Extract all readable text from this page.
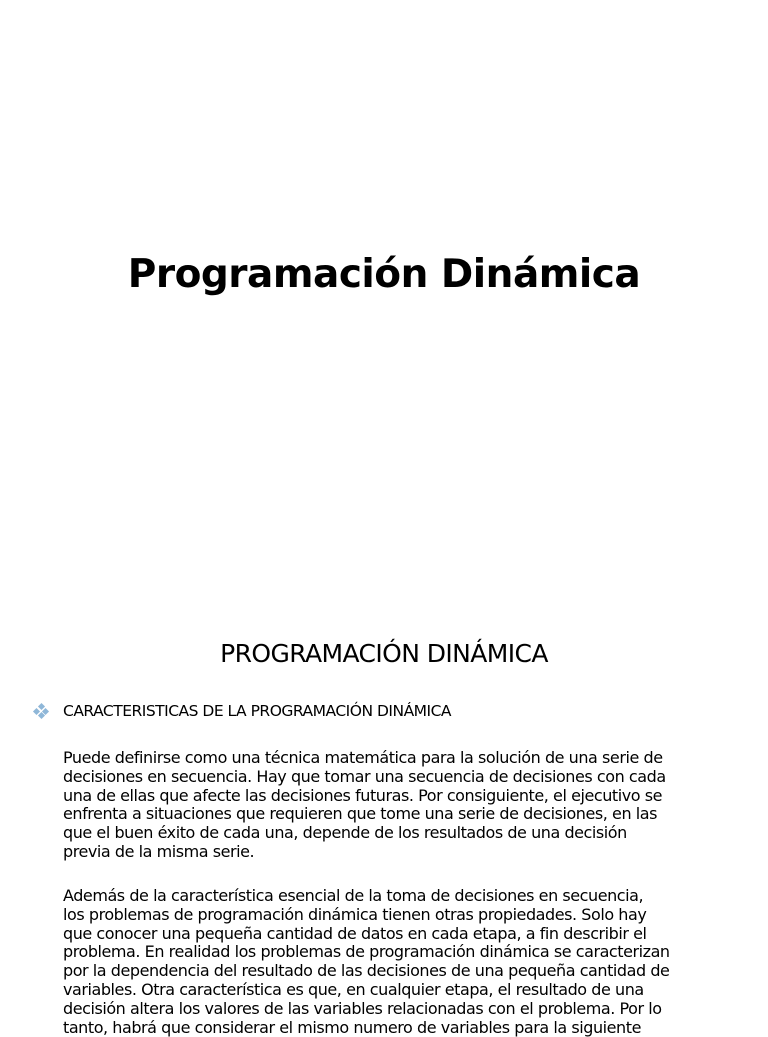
Programación Dinámica
PROGRAMACIÓN DINÁMICA
CARACTERISTICAS DE LA PROGRAMACIÓN DINÁMICA
Puede definirse como una técnica matemática para la solución de una serie de
decisiones en secuencia. Hay que tomar una secuencia de decisiones con cada
una de ellas que afecte las decisiones futuras. Por consiguiente, el ejecutivo se
enfrenta a situaciones que requieren que tome una serie de decisiones, en las
que el buen éxito de cada una, depende de los resultados de una decisión
previa de la misma serie.
Además de la característica esencial de la toma de decisiones en secuencia,
los problemas de programación dinámica tienen otras propiedades. Solo hay
que conocer una pequeña cantidad de datos en cada etapa, a fin describir el
problema. En realidad los problemas de programación dinámica se caracterizan
por la dependencia del resultado de las decisiones de una pequeña cantidad de
variables. Otra característica es que, en cualquier etapa, el resultado de una
decisión altera los valores de las variables relacionadas con el problema. Por lo
tanto, habrá que considerar el mismo numero de variables para la siguiente
